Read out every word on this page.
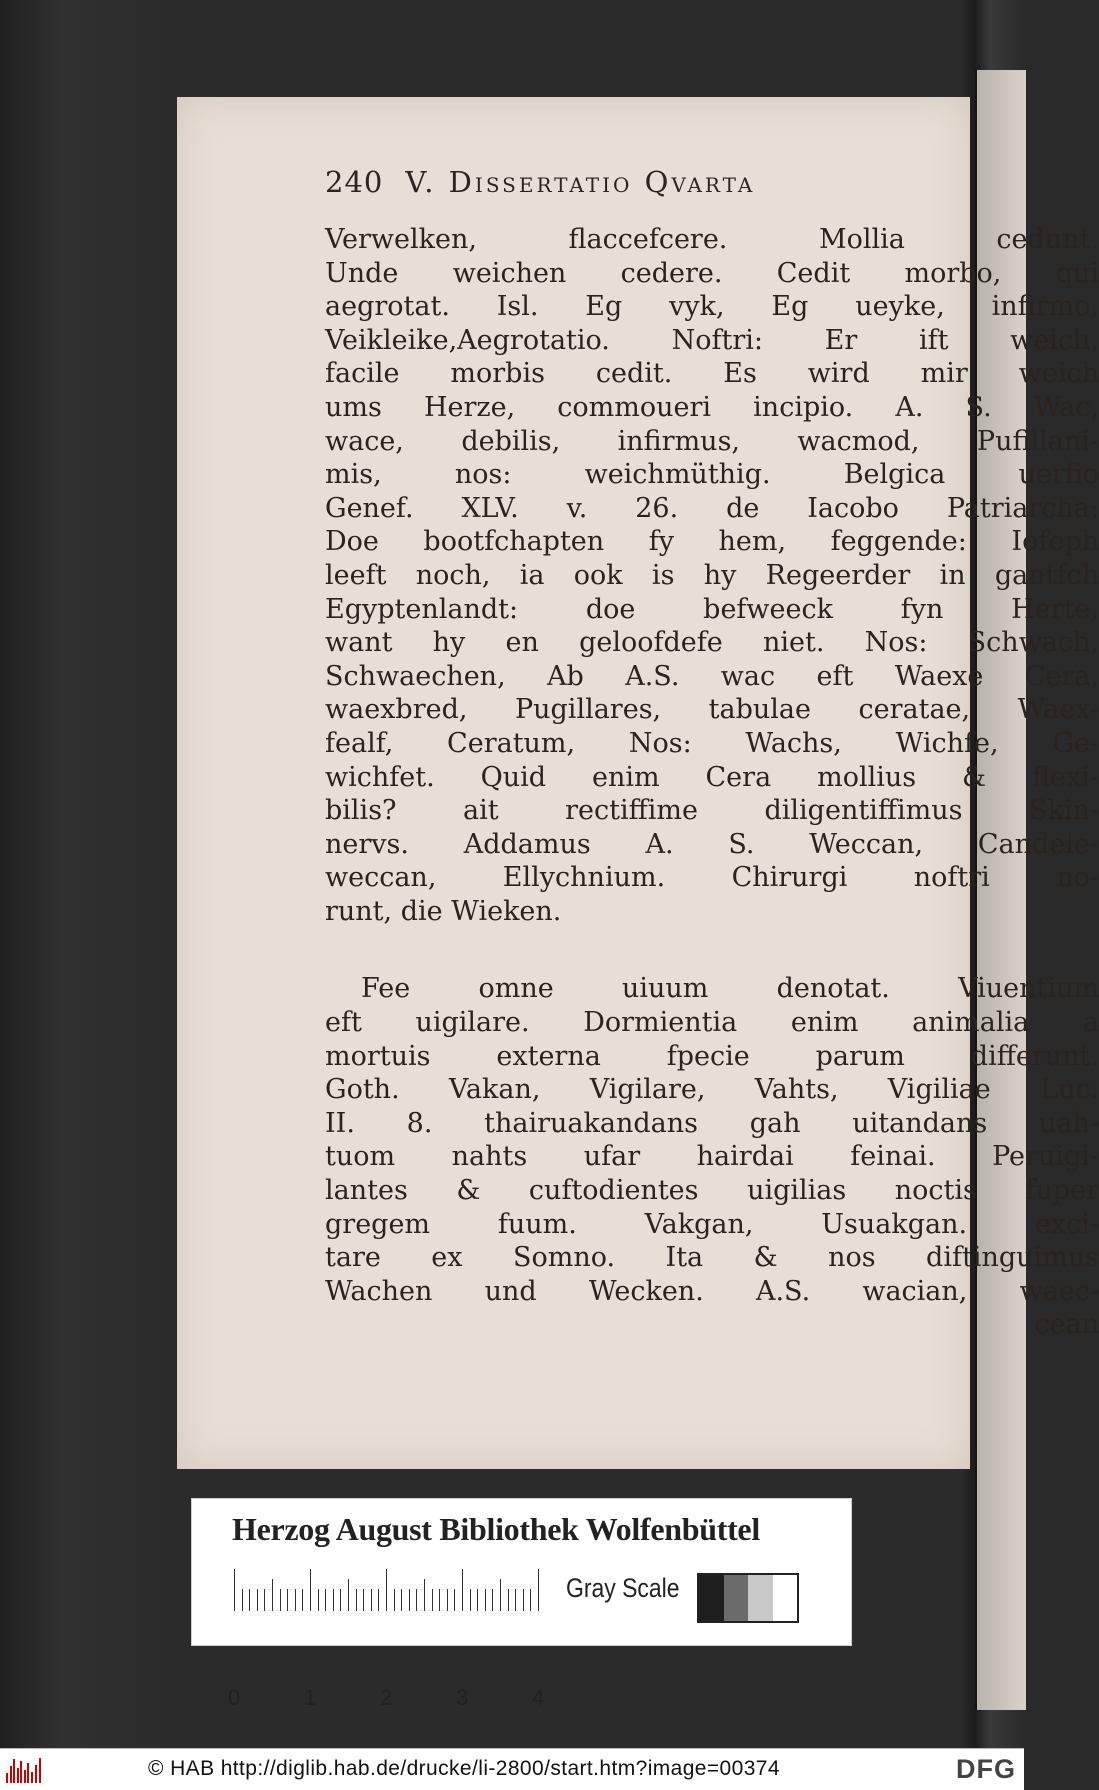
240 V. Dissertatio Qvarta
Verwelken, flaccefcere. Mollia cedunt.
Unde weichen cedere. Cedit morbo, qui
aegrotat. Isl. Eg vyk, Eg ueyke, infirmo,
Veikleike,Aegrotatio. Noftri: Er ift weich,
facile morbis cedit. Es wird mir weich
ums Herze, commoueri incipio. A. S. Wac,
wace, debilis, infirmus, wacmod, Pufillani-
mis, nos: weichmüthig. Belgica uerfio
Genef. XLV. v. 26. de Iacobo Patriarcha:
Doe bootfchapten fy hem, feggende: Iofeph
leeft noch, ia ook is hy Regeerder in gantfch
Egyptenlandt: doe befweeck fyn Herte,
want hy en geloofdefe niet. Nos: Schwach,
Schwaechen, Ab A.S. wac eft Waexe Cera,
waexbred, Pugillares, tabulae ceratae, Waex-
fealf, Ceratum, Nos: Wachs, Wichfe, Ge-
wichfet. Quid enim Cera mollius & flexi-
bilis? ait rectiffime diligentiffimus Skin-
nervs. Addamus A. S. Weccan, Candele-
weccan, Ellychnium. Chirurgi noftri no-
runt, die Wieken.
Fee omne uiuum denotat. Viuentium
eft uigilare. Dormientia enim animalia a
mortuis externa fpecie parum differunt.
Goth. Vakan, Vigilare, Vahts, Vigiliae Luc.
II. 8. thairuakandans gah uitandans uah-
tuom nahts ufar hairdai feinai. Peruigi-
lantes & cuftodientes uigilias noctis fuper
gregem fuum. Vakgan, Usuakgan. exci-
tare ex Somno. Ita & nos diftinguimus
Wachen und Wecken. A.S. wacian, waec-
cean
Herzog August Bibliothek Wolfenbüttel
0	1	2	3	4
Gray Scale
© HAB http://diglib.hab.de/drucke/li-2800/start.htm?image=00374	DFG
